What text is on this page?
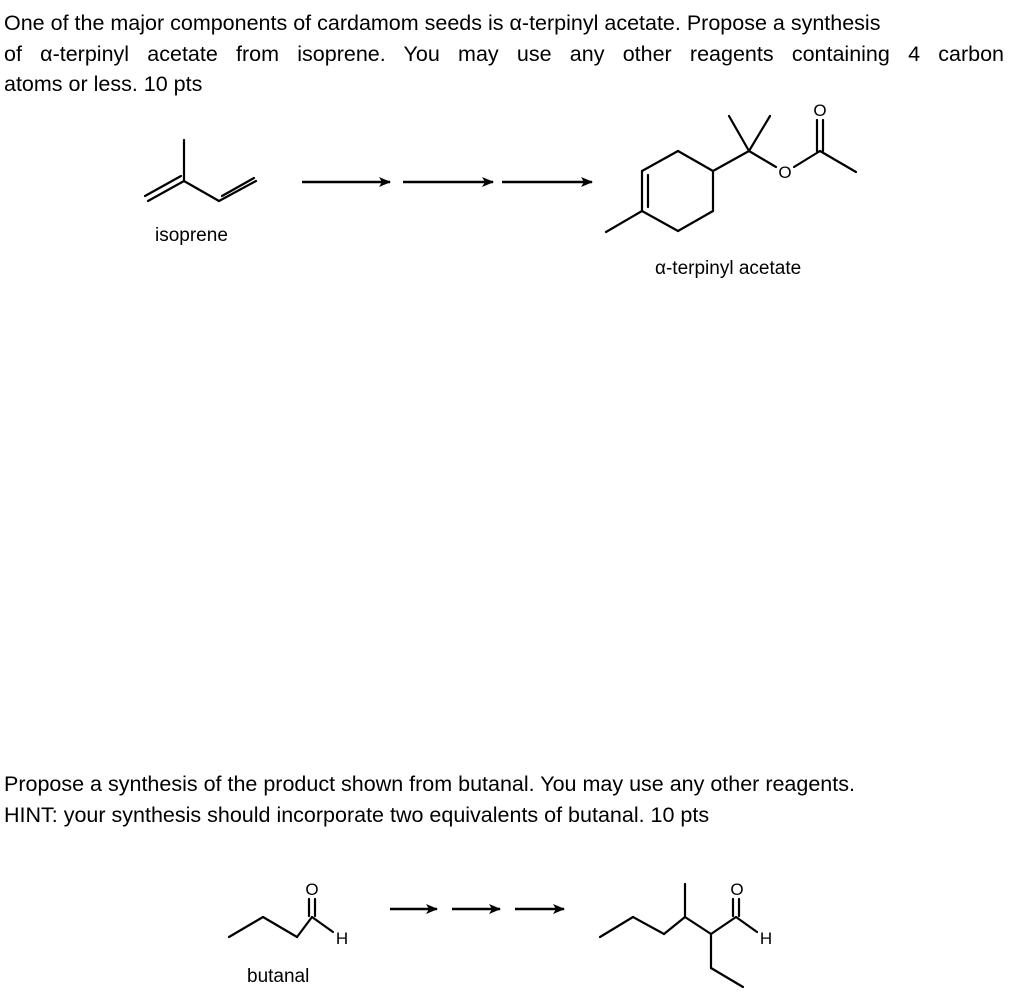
One of the major components of cardamom seeds is α-terpinyl acetate. Propose a synthesis
of α-terpinyl acetate from isoprene. You may use any other reagents containing 4 carbon
atoms or less. 10 pts
Propose a synthesis of the product shown from butanal. You may use any other reagents.
HINT: your synthesis should incorporate two equivalents of butanal. 10 pts
isoprene
α-terpinyl acetate
butanal
O
O
O
H
O
H
